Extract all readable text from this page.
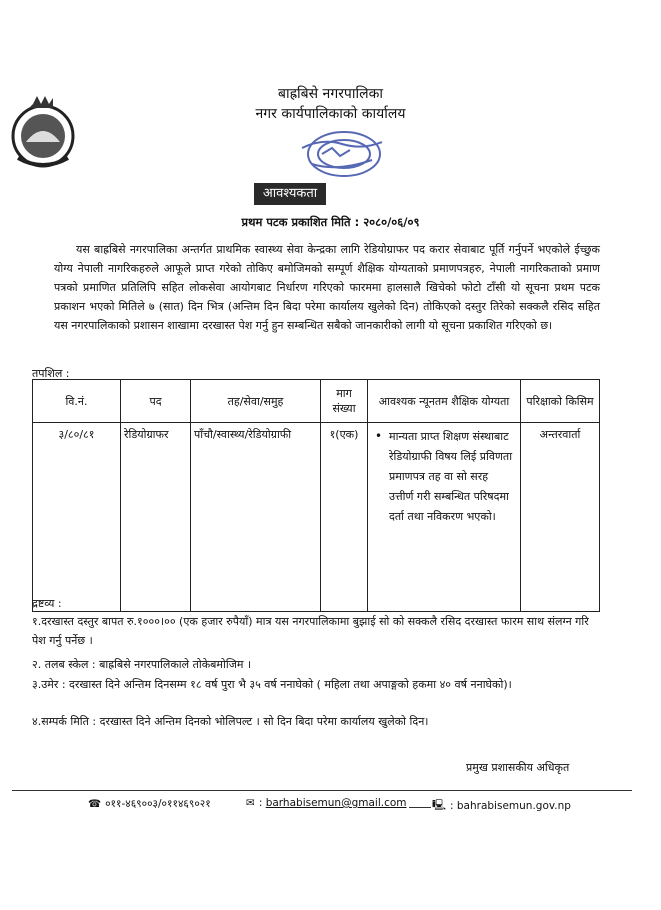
बाह्रबिसे नगरपालिका
नगर कार्यपालिकाको कार्यालय
आवश्यकता
प्रथम पटक प्रकाशित मिति : २०८०/०६/०९

यस बाह्रबिसे नगरपालिका अन्तर्गत प्राथमिक स्वास्थ्य सेवा केन्द्रका लागि रेडियोग्राफर पद करार सेवाबाट पूर्ति गर्नुपर्ने भएकोले ईच्छुक योग्य नेपाली नागरिकहरुले आफूले प्राप्त गरेको तोकिए बमोजिमको सम्पूर्ण शैक्षिक योग्यताको प्रमाणपत्रहरु, नेपाली नागरिकताको प्रमाण पत्रको प्रमाणित प्रतिलिपि सहित लोकसेवा आयोगबाट निर्धारण गरिएको फारममा हालसालै खिचेको फोटो टाँसी यो सूचना प्रथम पटक प्रकाशन भएको मितिले ७ (सात) दिन भित्र (अन्तिम दिन बिदा परेमा कार्यालय खुलेको दिन) तोकिएको दस्तुर तिरेको सक्कलै रसिद सहित यस नगरपालिकाको प्रशासन शाखामा दरखास्त पेश गर्नु हुन सम्बन्धित सबैको जानकारीको लागी यो सूचना प्रकाशित गरिएको छ।

तपशिल :
वि.नं.	पद	तह/सेवा/समुह	माग संख्या	आवश्यक न्यूनतम शैक्षिक योग्यता	परिक्षाको किसिम
३/८०/८१	रेडियोग्राफर	पाँचौ/स्वास्थ्य/रेडियोग्राफी	१(एक)	• मान्यता प्राप्त शिक्षण संस्थाबाट रेडियोग्राफी विषय लिई प्रविणता प्रमाणपत्र तह वा सो सरह उत्तीर्ण गरी सम्बन्धित परिषदमा दर्ता तथा नविकरण भएको।	अन्तरवार्ता
द्रष्टव्य :

१.दरखास्त दस्तुर बापत रु.१०००।०० (एक हजार रुपैयाँ) मात्र यस नगरपालिकामा बुझाई सो को सक्कलै रसिद दरखास्त फारम साथ संलग्न गरि पेश गर्नु पर्नेछ ।

२. तलब स्केल : बाह्रबिसे नगरपालिकाले तोकेबमोजिम ।

३.उमेर : दरखास्त दिने अन्तिम दिनसम्म १८ वर्ष पुरा भै ३५ वर्ष ननाघेको ( महिला तथा अपाङ्गको हकमा ४० वर्ष ननाघेको)।

४.सम्पर्क मिति : दरखास्त दिने अन्तिम दिनको भोलिपल्ट । सो दिन बिदा परेमा कार्यालय खुलेको दिन।

प्रमुख प्रशासकीय अधिकृत
☎ ०११-४६९००३/०११४६९०२१	✉ :
barhabisemun@gmail.com 🖳 : bahrabisemun.gov.np
